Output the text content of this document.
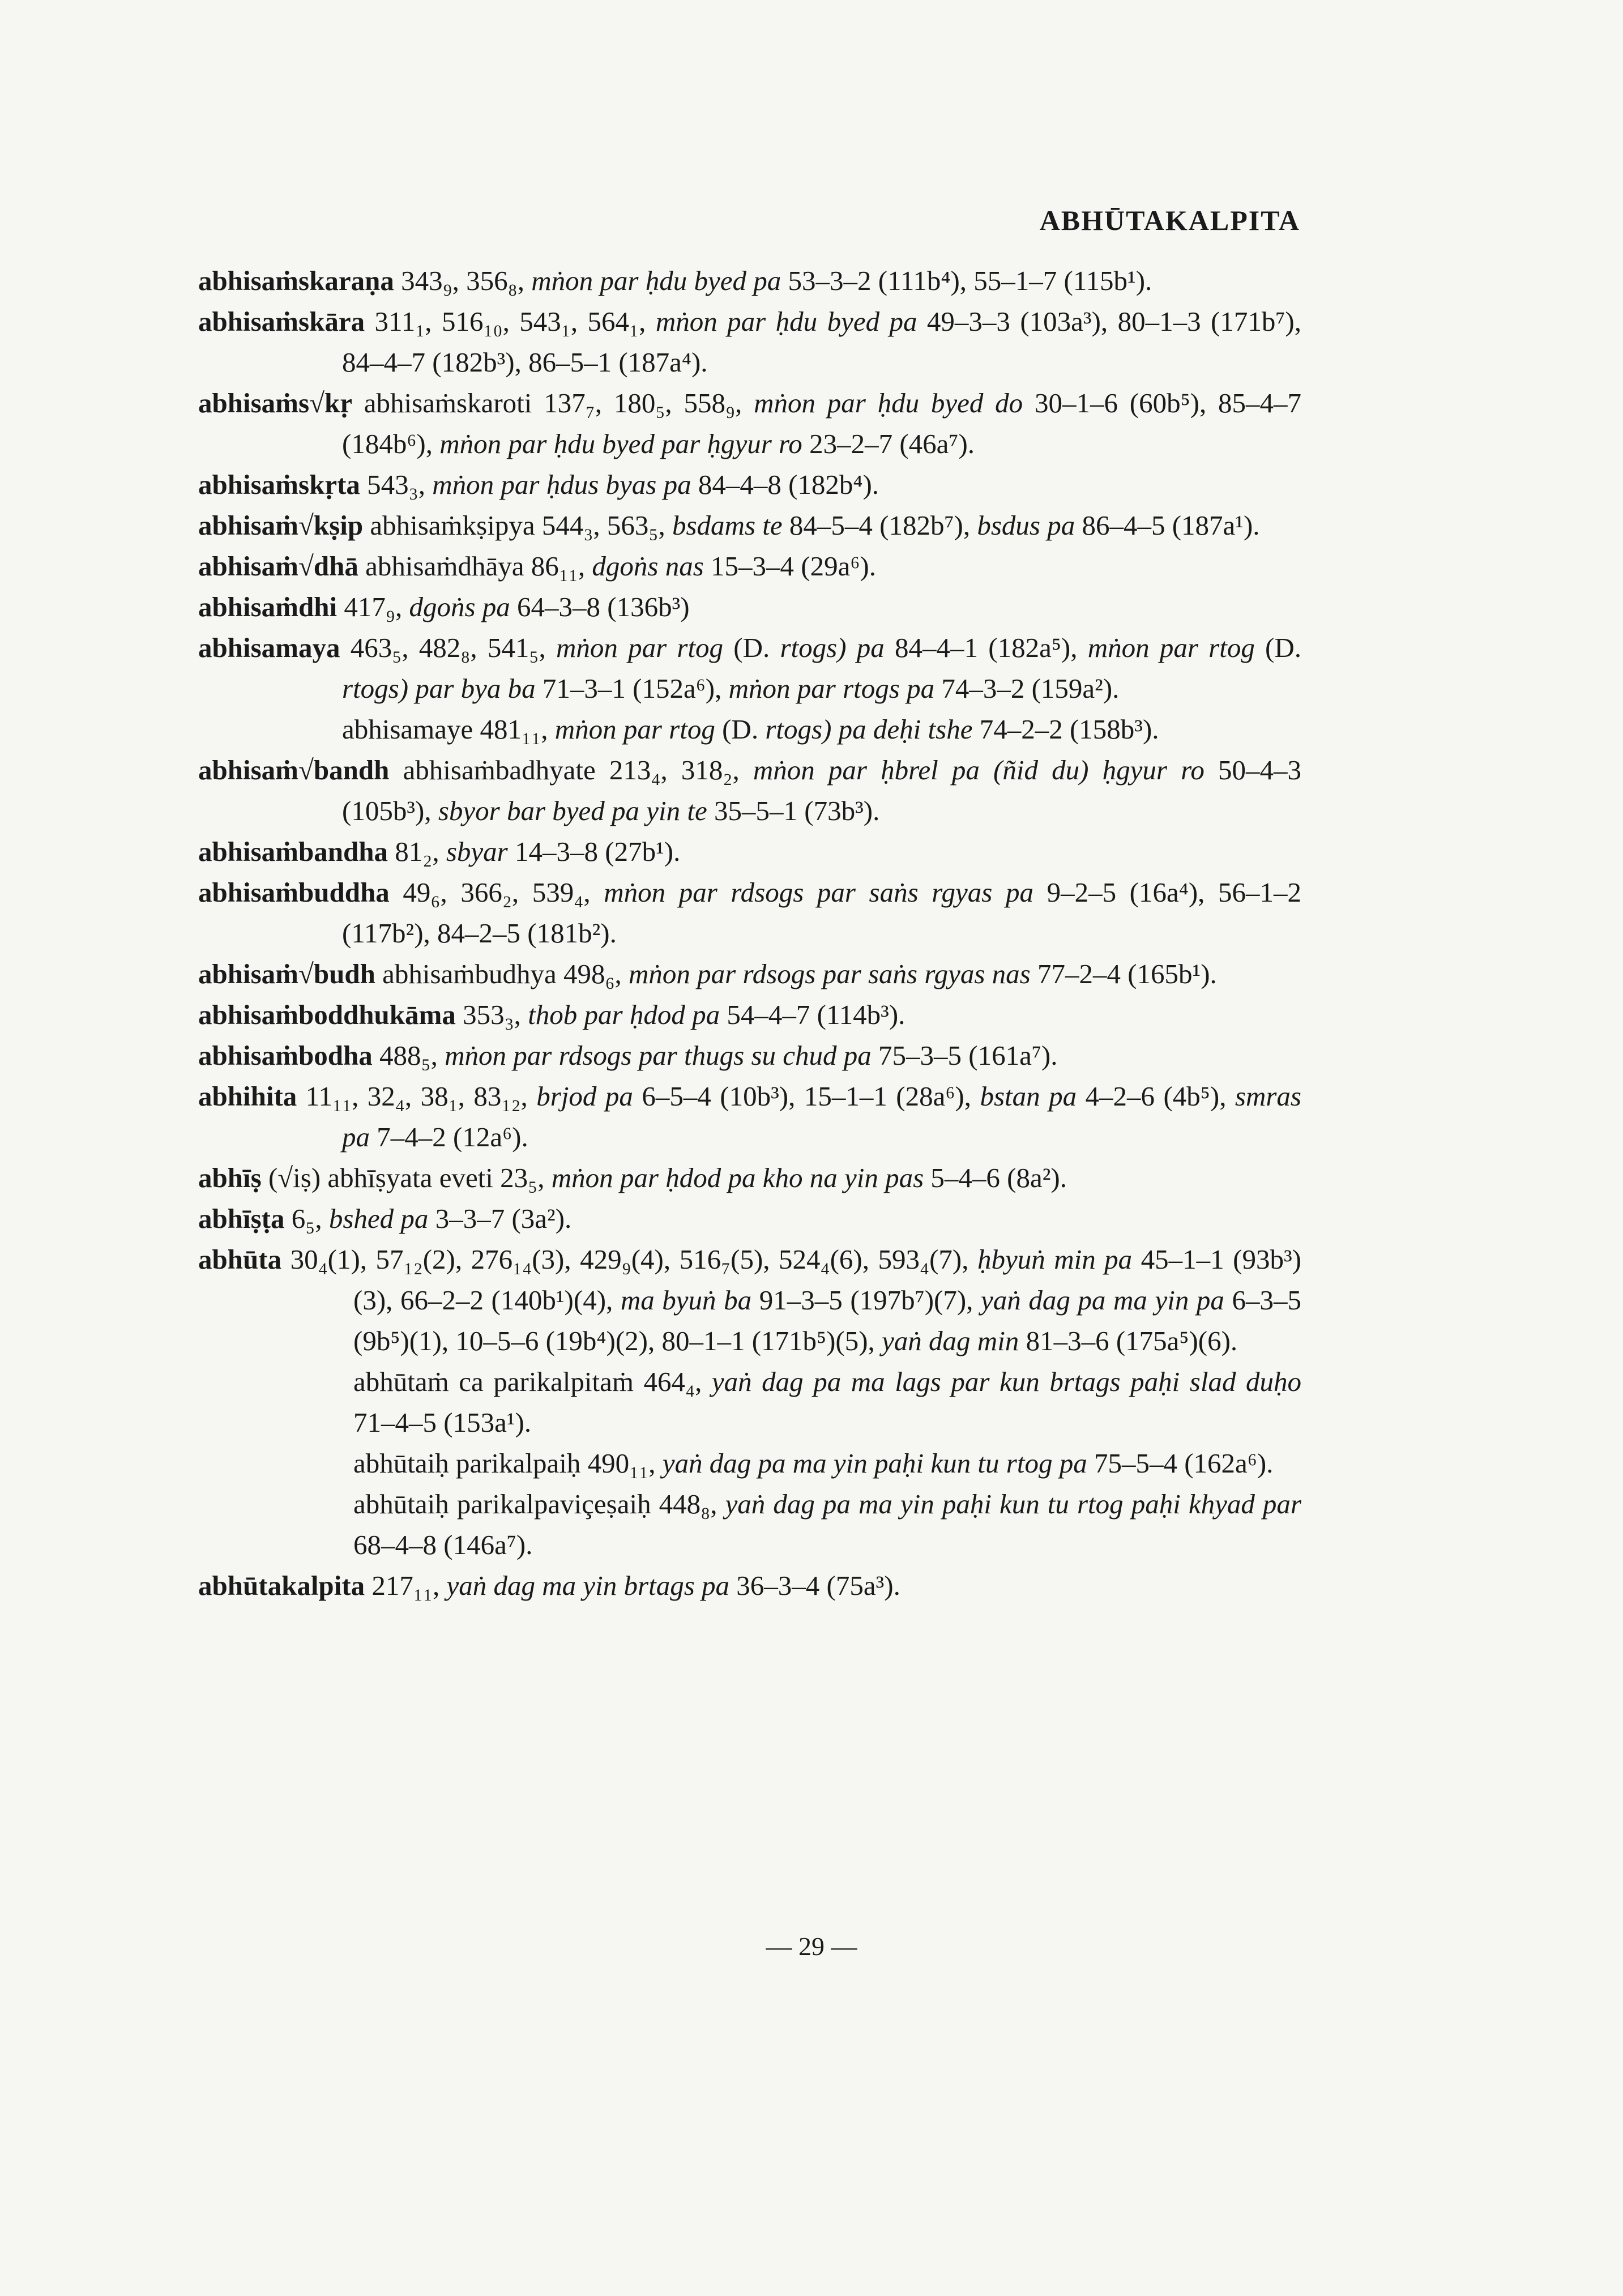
ABHŪTAKALPITA
abhisaṁskaraṇa 343₉, 356₈, mṅon par ḥdu byed pa 53–3–2 (111b⁴), 55–1–7 (115b¹).
abhisaṁskāra 311₁, 516₁₀, 543₁, 564₁, mṅon par ḥdu byed pa 49–3–3 (103a³), 80–1–3 (171b⁷), 84–4–7 (182b³), 86–5–1 (187a⁴).
abhisaṁs√kṛ abhisaṁskaroti 137₇, 180₅, 558₉, mṅon par ḥdu byed do 30–1–6 (60b⁵), 85–4–7 (184b⁶), mṅon par ḥdu byed par ḥgyur ro 23–2–7 (46a⁷).
abhisaṁskṛta 543₃, mṅon par ḥdus byas pa 84–4–8 (182b⁴).
abhisaṁ√kṣip abhisaṁkṣipya 544₃, 563₅, bsdams te 84–5–4 (182b⁷), bsdus pa 86–4–5 (187a¹).
abhisaṁ√dhā abhisaṁdhāya 86₁₁, dgoṅs nas 15–3–4 (29a⁶).
abhisaṁdhi 417₉, dgoṅs pa 64–3–8 (136b³)
abhisamaya 463₅, 482₈, 541₅, mṅon par rtog (D. rtogs) pa 84–4–1 (182a⁵), mṅon par rtog (D. rtogs) par bya ba 71–3–1 (152a⁶), mṅon par rtogs pa 74–3–2 (159a²).
abhisamaye 481₁₁, mṅon par rtog (D. rtogs) pa deḥi tshe 74–2–2 (158b³).
abhisaṁ√bandh abhisaṁbadhyate 213₄, 318₂, mṅon par ḥbrel pa (ñid du) ḥgyur ro 50–4–3 (105b³), sbyor bar byed pa yin te 35–5–1 (73b³).
abhisaṁbandha 81₂, sbyar 14–3–8 (27b¹).
abhisaṁbuddha 49₆, 366₂, 539₄, mṅon par rdsogs par saṅs rgyas pa 9–2–5 (16a⁴), 56–1–2 (117b²), 84–2–5 (181b²).
abhisaṁ√budh abhisaṁbudhya 498₆, mṅon par rdsogs par saṅs rgyas nas 77–2–4 (165b¹).
abhisaṁboddhukāma 353₃, thob par ḥdod pa 54–4–7 (114b³).
abhisaṁbodha 488₅, mṅon par rdsogs par thugs su chud pa 75–3–5 (161a⁷).
abhihita 11₁₁, 32₄, 38₁, 83₁₂, brjod pa 6–5–4 (10b³), 15–1–1 (28a⁶), bstan pa 4–2–6 (4b⁵), smras pa 7–4–2 (12a⁶).
abhīṣ (√iṣ) abhīṣyata eveti 23₅, mṅon par ḥdod pa kho na yin pas 5–4–6 (8a²).
abhīṣṭa 6₅, bshed pa 3–3–7 (3a²).
abhūta 30₄(1), 57₁₂(2), 276₁₄(3), 429₉(4), 516₇(5), 524₄(6), 593₄(7), ḥbyuṅ min pa 45–1–1 (93b³)(3), 66–2–2 (140b¹)(4), ma byuṅ ba 91–3–5 (197b⁷)(7), yaṅ dag pa ma yin pa 6–3–5 (9b⁵)(1), 10–5–6 (19b⁴)(2), 80–1–1 (171b⁵)(5), yaṅ dag min 81–3–6 (175a⁵)(6).
abhūtaṁ ca parikalpitaṁ 464₄, yaṅ dag pa ma lags par kun brtags paḥi slad duḥo 71–4–5 (153a¹).
abhūtaiḥ parikalpaiḥ 490₁₁, yaṅ dag pa ma yin paḥi kun tu rtog pa 75–5–4 (162a⁶).
abhūtaiḥ parikalpaviçeṣaiḥ 448₈, yaṅ dag pa ma yin paḥi kun tu rtog paḥi khyad par 68–4–8 (146a⁷).
abhūtakalpita 217₁₁, yaṅ dag ma yin brtags pa 36–3–4 (75a³).
— 29 —
